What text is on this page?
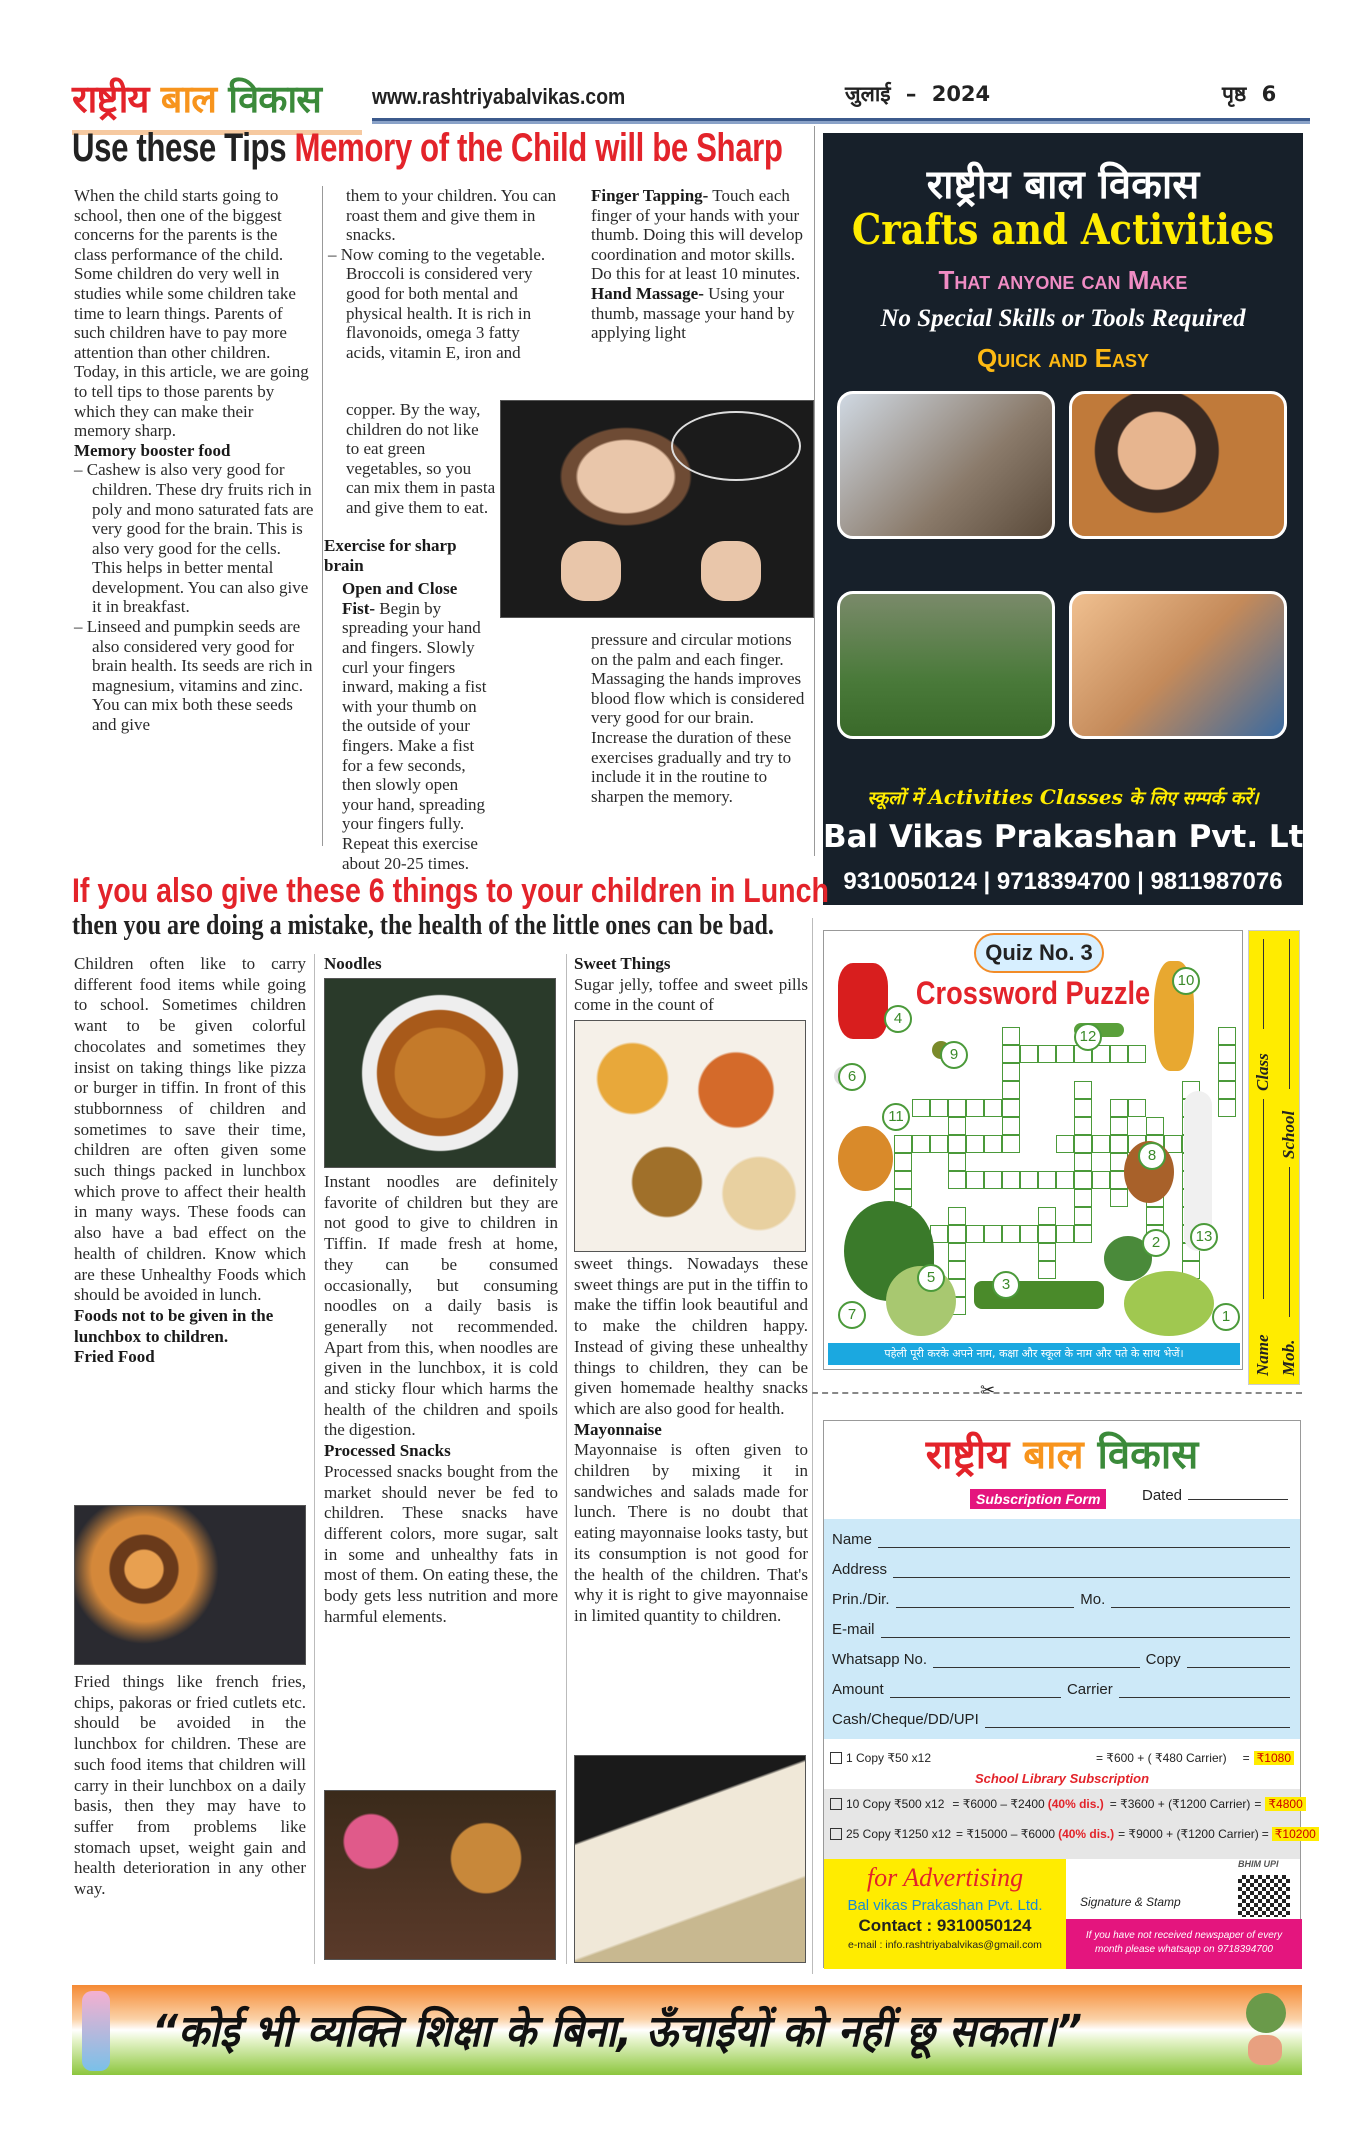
राष्ट्रीय बाल विकास www.rashtriyabalvikas.com	जुलाई – 2024	पृष्ठ 6
Use these Tips Memory of the Child will be Sharp
When the child starts going to school, then one of the biggest concerns for the parents is the class performance of the child. Some children do very well in studies while some children take time to learn things. Parents of such children have to pay more attention than other children. Today, in this article, we are going to tell tips to those parents by which they can make their memory sharp.
Memory booster food
– Cashew is also very good for children. These dry fruits rich in poly and mono saturated fats are very good for the brain. This is also very good for the cells. This helps in better mental development. You can also give it in breakfast.
– Linseed and pumpkin seeds are also considered very good for brain health. Its seeds are rich in magnesium, vitamins and zinc. You can mix both these seeds and give
them to your children. You can roast them and give them in snacks.
– Now coming to the vegetable. Broccoli is considered very good for both mental and physical health. It is rich in flavonoids, omega 3 fatty acids, vitamin E, iron and
copper. By the way, children do not like to eat green vegetables, so you can mix them in pasta and give them to eat.
Exercise for sharp brain
Open and Close Fist- Begin by spreading your hand and fingers. Slowly curl your fingers inward, making a fist with your thumb on the outside of your fingers. Make a fist for a few seconds, then slowly open your hand, spreading your fingers fully. Repeat this exercise about 20-25 times.
Finger Tapping- Touch each finger of your hands with your thumb. Doing this will develop coordination and motor skills. Do this for at least 10 minutes.
Hand Massage- Using your thumb, massage your hand by applying light
pressure and circular motions on the palm and each finger. Massaging the hands improves blood flow which is considered very good for our brain. Increase the duration of these exercises gradually and try to include it in the routine to sharpen the memory.
राष्ट्रीय बाल विकास
Crafts and Activities
That anyone can Make
No Special Skills or Tools Required
Quick and Easy
स्कूलों में Activities Classes के लिए सम्पर्क करें।
Bal Vikas Prakashan Pvt. Ltd.
9310050124 | 9718394700 | 9811987076
If you also give these 6 things to your children in Lunch
then you are doing a mistake, the health of the little ones can be bad.
Children often like to carry different food items while going to school. Sometimes children want to be given colorful chocolates and sometimes they insist on taking things like pizza or burger in tiffin. In front of this stubbornness of children and sometimes to save their time, children are often given some such things packed in lunchbox which prove to affect their health in many ways. These foods can also have a bad effect on the health of children. Know which are these Unhealthy Foods which should be avoided in lunch.
Foods not to be given in the lunchbox to children.
Fried Food
Fried things like french fries, chips, pakoras or fried cutlets etc. should be avoided in the lunchbox for children. These are such food items that children will carry in their lunchbox on a daily basis, then they may have to suffer from problems like stomach upset, weight gain and health deterioration in any other way.
Noodles
Instant noodles are definitely favorite of children but they are not good to give to children in Tiffin. If made fresh at home, they can be consumed occasionally, but consuming noodles on a daily basis is generally not recommended. Apart from this, when noodles are given in the lunchbox, it is cold and sticky flour which harms the health of the children and spoils the digestion.
Processed Snacks
Processed snacks bought from the market should never be fed to children. These snacks have different colors, more sugar, salt in some and unhealthy fats in most of them. On eating these, the body gets less nutrition and more harmful elements.
Sweet Things
Sugar jelly, toffee and sweet pills come in the count of
sweet things. Nowadays these sweet things are put in the tiffin to make the tiffin look beautiful and to make the children happy. Instead of giving these unhealthy things to children, they can be given homemade healthy snacks which are also good for health.
Mayonnaise
Mayonnaise is often given to children by mixing it in sandwiches and salads made for lunch. There is no doubt that eating mayonnaise looks tasty, but its consumption is not good for the health of the children. That's why it is right to give mayonnaise in limited quantity to children.
Quiz No. 3
Crossword Puzzle
1
2
3
4
5
6
7
8
9
10
11
12
13
पहेली पूरी करके अपने नाम, कक्षा और स्कूल के नाम और पते के साथ भेजें।
Class
Name
School
Mob.
✂
राष्ट्रीय बाल विकास
Subscription Form	Dated
Name
Address
Prin./Dir.	Mo.
E-mail
Whatsapp No.	Copy
Amount	Carrier
Cash/Cheque/DD/UPI
1 Copy ₹50 x12	= ₹600 + ( ₹480 Carrier) = ₹1080
School Library Subscription
10 Copy ₹500 x12 = ₹6000 – ₹2400 (40% dis.) = ₹3600 + (₹1200 Carrier) = ₹4800
25 Copy ₹1250 x12 = ₹15000 – ₹6000 (40% dis.) = ₹9000 + (₹1200 Carrier) = ₹10200
for Advertising
Bal vikas Prakashan Pvt. Ltd.
Contact : 9310050124
e-mail : info.rashtriyabalvikas@gmail.com
Signature & Stamp
BHIM UPI
If you have not received newspaper of every month please whatsapp on 9718394700
“कोई भी व्यक्ति शिक्षा के बिना, ऊँचाईयों को नहीं छू सकता।”
